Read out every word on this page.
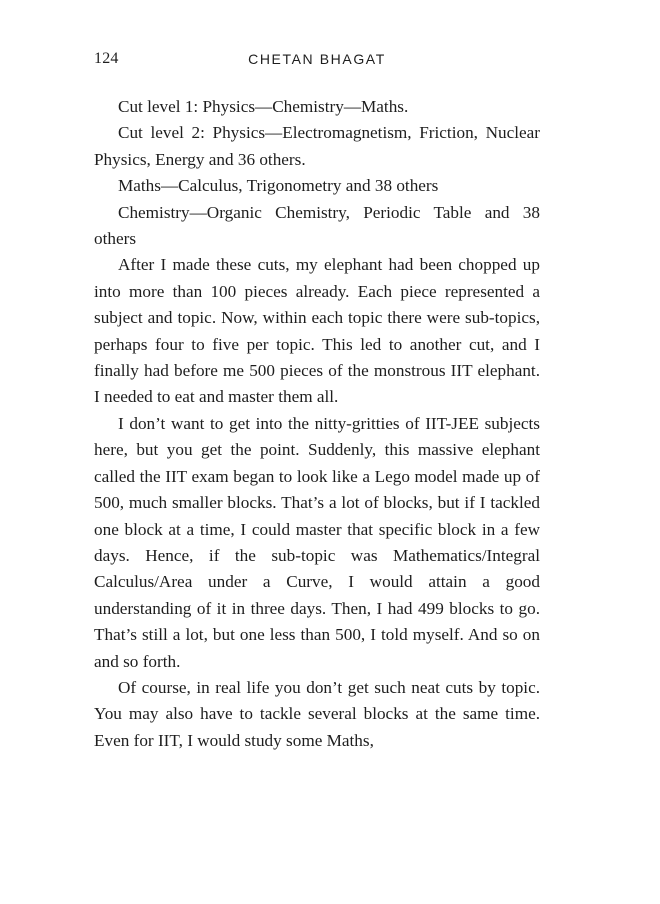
124	CHETAN BHAGAT

Cut level 1: Physics—Chemistry—Maths.

Cut level 2: Physics—Electromagnetism, Friction, Nuclear Physics, Energy and 36 others.

Maths—Calculus, Trigonometry and 38 others

Chemistry—Organic Chemistry, Periodic Table and 38 others

After I made these cuts, my elephant had been chopped up into more than 100 pieces already. Each piece represented a subject and topic. Now, within each topic there were sub-topics, perhaps four to five per topic. This led to another cut, and I finally had before me 500 pieces of the monstrous IIT elephant. I needed to eat and master them all.

I don’t want to get into the nitty-gritties of IIT-JEE subjects here, but you get the point. Suddenly, this massive elephant called the IIT exam began to look like a Lego model made up of 500, much smaller blocks. That’s a lot of blocks, but if I tackled one block at a time, I could master that specific block in a few days. Hence, if the sub-topic was Mathematics/Integral Calculus/Area under a Curve, I would attain a good understanding of it in three days. Then, I had 499 blocks to go. That’s still a lot, but one less than 500, I told myself. And so on and so forth.

Of course, in real life you don’t get such neat cuts by topic. You may also have to tackle several blocks at the same time. Even for IIT, I would study some Maths,
